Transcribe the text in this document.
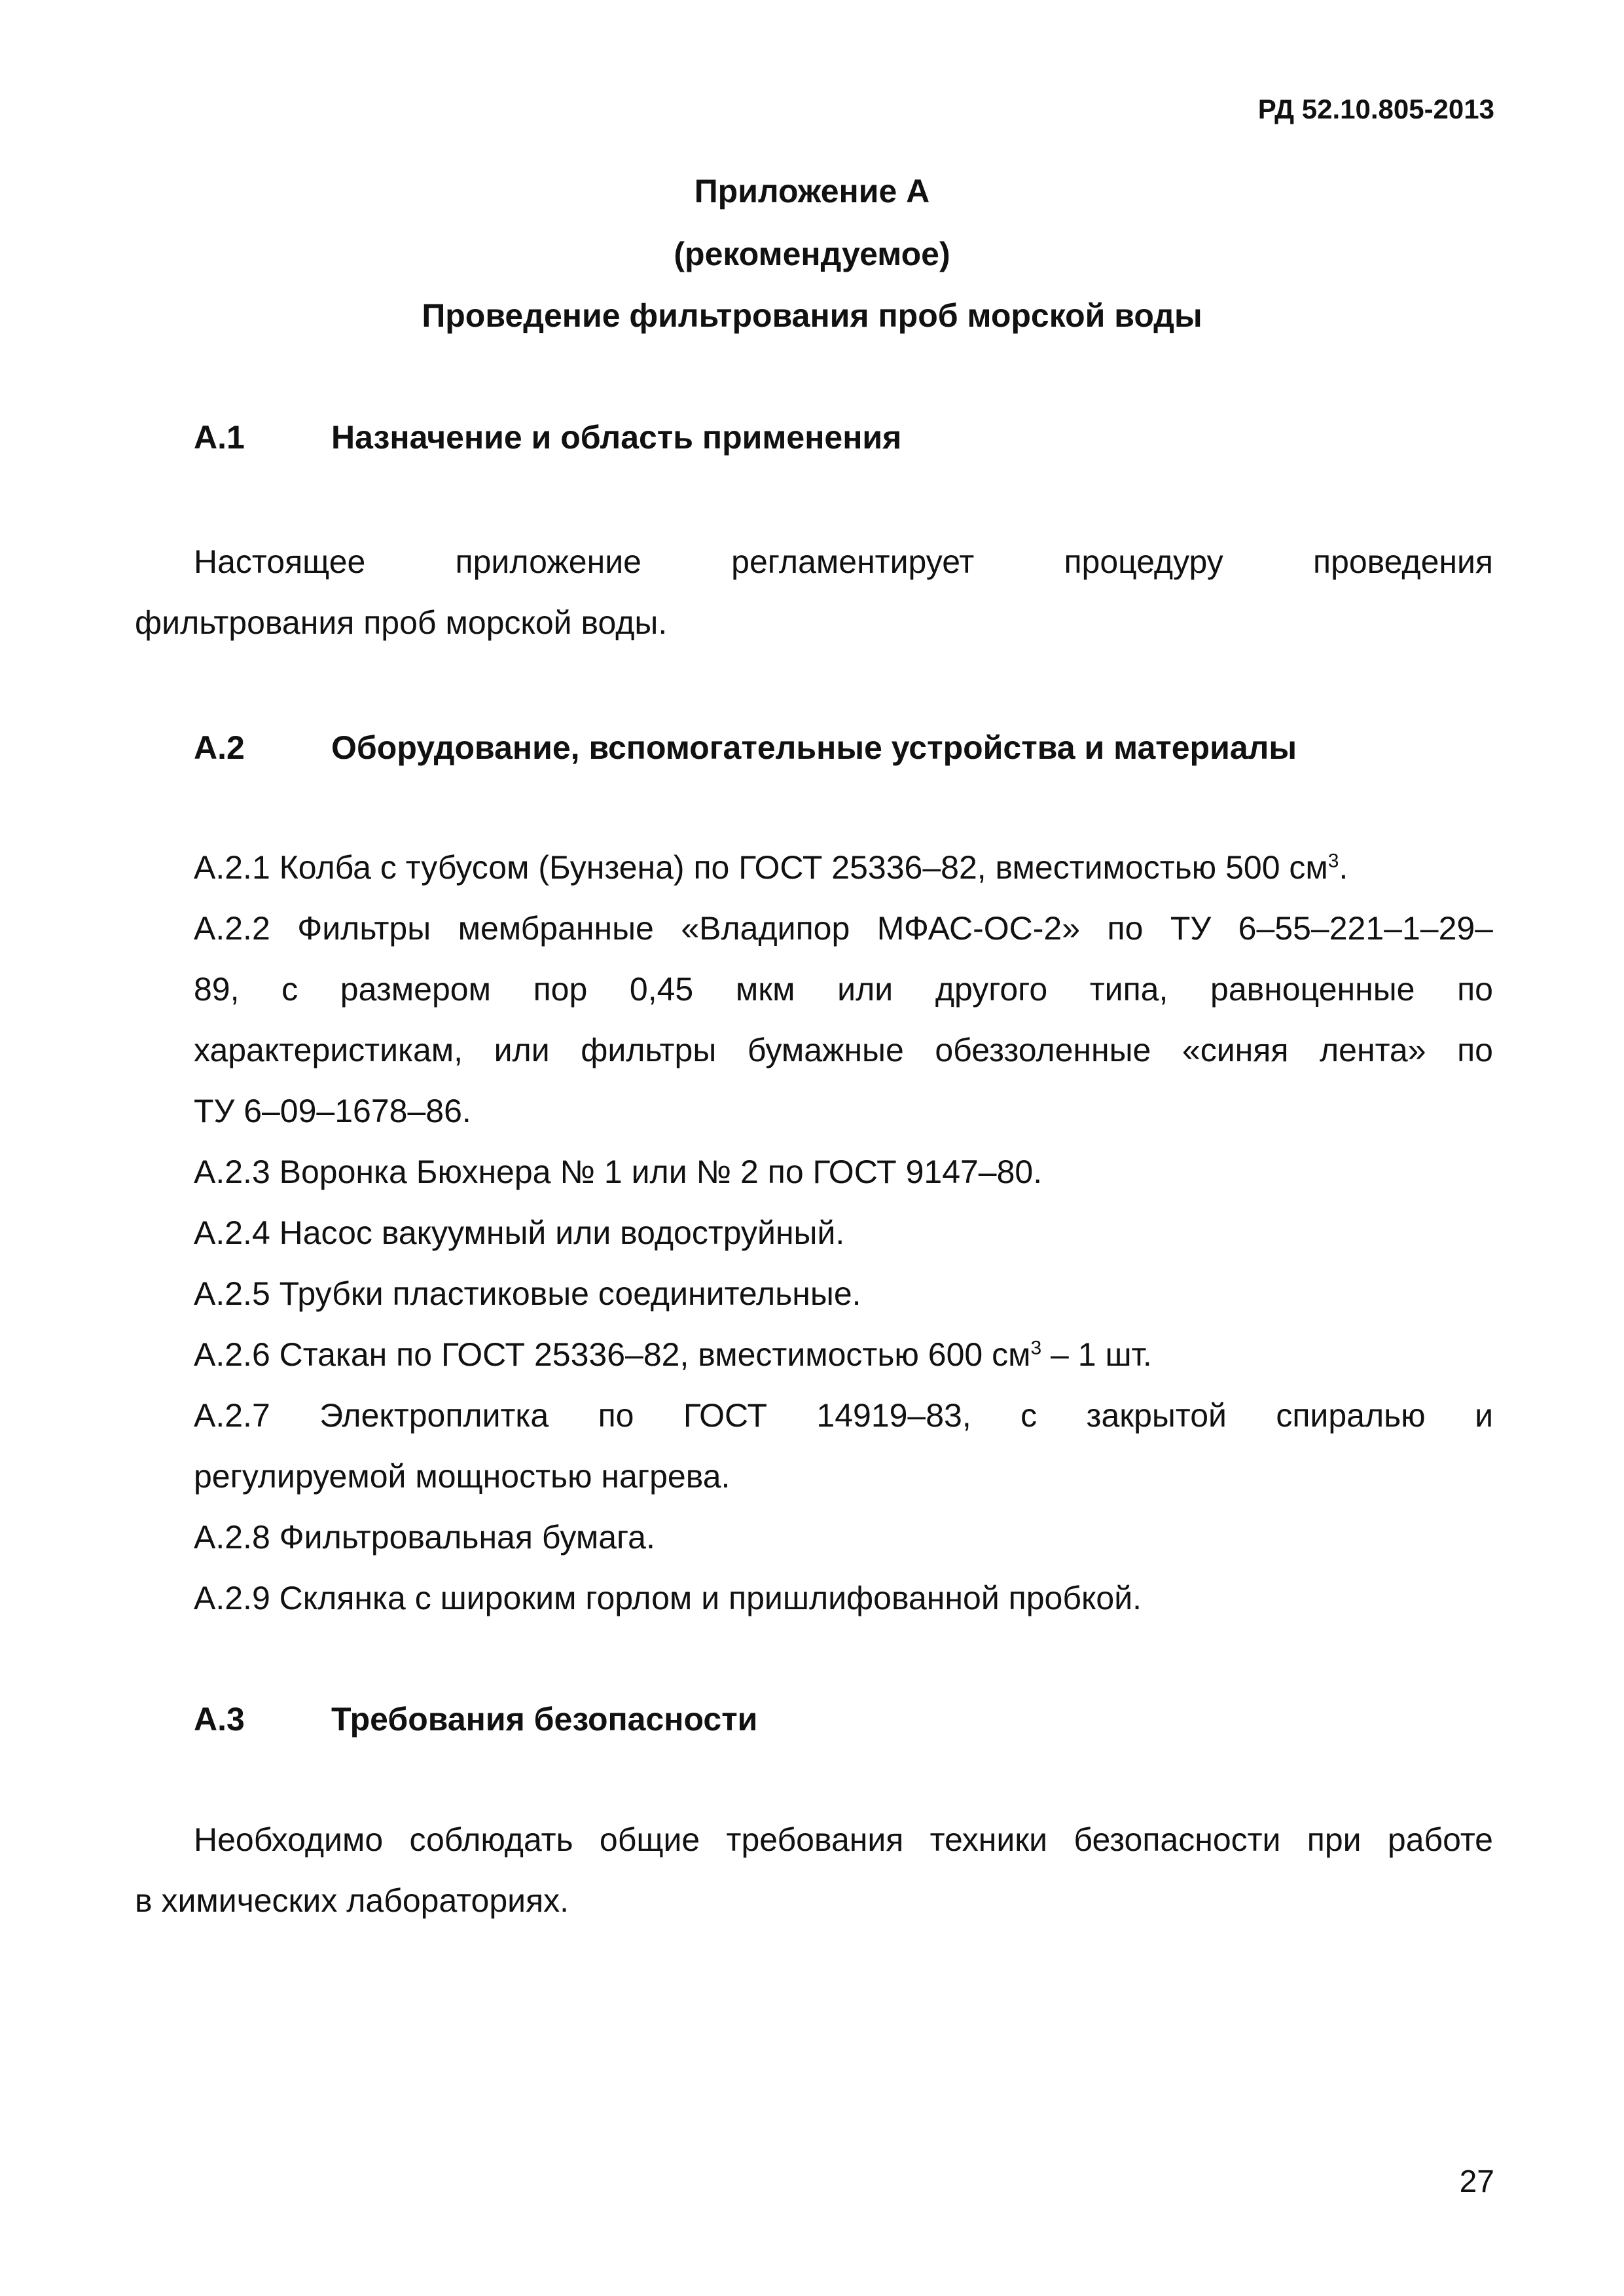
РД 52.10.805-2013
Приложение А
(рекомендуемое)
Проведение фильтрования проб морской воды
А.1	Назначение и область применения
Настоящее приложение регламентирует процедуру проведения
фильтрования проб морской воды.
А.2	Оборудование, вспомогательные устройства и материалы
А.2.1 Колба с тубусом (Бунзена) по ГОСТ 25336–82, вместимостью 500 $см^3$.
А.2.2 Фильтры мембранные «Владипор МФАС-ОС-2» по ТУ 6–55–221–1–29–
89, с размером пор 0,45 мкм или другого типа, равноценные по
характеристикам, или фильтры бумажные обеззоленные «синяя лента» по
ТУ 6–09–1678–86.
А.2.3 Воронка Бюхнера № 1 или № 2 по ГОСТ 9147–80.
А.2.4 Насос вакуумный или водоструйный.
А.2.5 Трубки пластиковые соединительные.
А.2.6 Стакан по ГОСТ 25336–82, вместимостью 600 $см^3 - 1$ шт.
А.2.7 Электроплитка по ГОСТ 14919–83, с закрытой спиралью и
регулируемой мощностью нагрева.
А.2.8 Фильтровальная бумага.
А.2.9 Склянка с широким горлом и пришлифованной пробкой.
А.3	Требования безопасности
Необходимо соблюдать общие требования техники безопасности при работе
в химических лабораториях.
27
